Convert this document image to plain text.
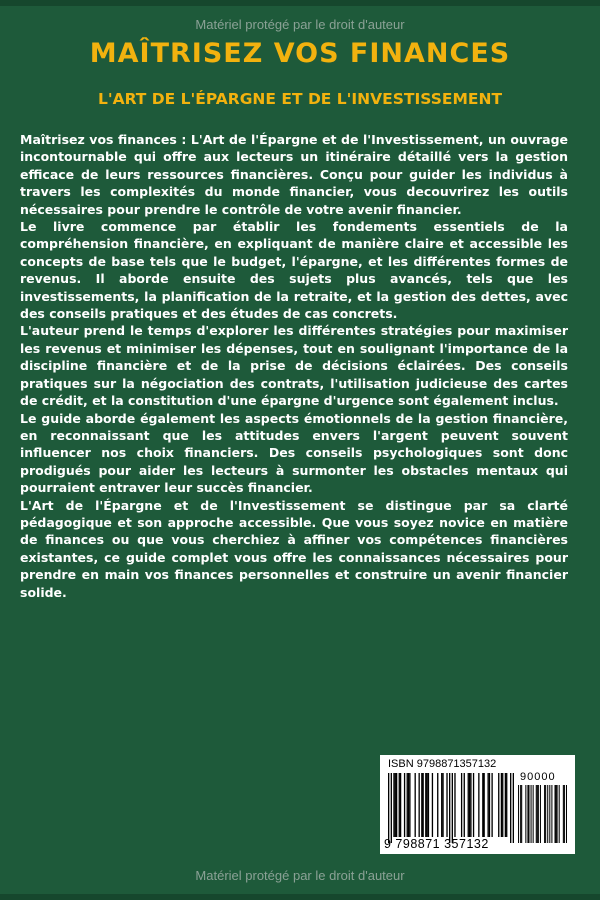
Matériel protégé par le droit d'auteur
MAÎTRISEZ VOS FINANCES
L'ART DE L'ÉPARGNE ET DE L'INVESTISSEMENT

Maîtrisez vos finances : L'Art de l'Épargne et de l'Investissement, un ouvrage incontournable qui offre aux lecteurs un itinéraire détaillé vers la gestion efficace de leurs ressources financières. Conçu pour guider les individus à travers les complexités du monde financier, vous decouvrirez les outils nécessaires pour prendre le contrôle de votre avenir financier.

Le livre commence par établir les fondements essentiels de la compréhension financière, en expliquant de manière claire et accessible les concepts de base tels que le budget, l'épargne, et les différentes formes de revenus. Il aborde ensuite des sujets plus avancés, tels que les investissements, la planification de la retraite, et la gestion des dettes, avec des conseils pratiques et des études de cas concrets.

L'auteur prend le temps d'explorer les différentes stratégies pour maximiser les revenus et minimiser les dépenses, tout en soulignant l'importance de la discipline financière et de la prise de décisions éclairées. Des conseils pratiques sur la négociation des contrats, l'utilisation judicieuse des cartes de crédit, et la constitution d'une épargne d'urgence sont également inclus.

Le guide aborde également les aspects émotionnels de la gestion financière, en reconnaissant que les attitudes envers l'argent peuvent souvent influencer nos choix financiers. Des conseils psychologiques sont donc prodigués pour aider les lecteurs à surmonter les obstacles mentaux qui pourraient entraver leur succès financier.

L'Art de l'Épargne et de l'Investissement se distingue par sa clarté pédagogique et son approche accessible. Que vous soyez novice en matière de finances ou que vous cherchiez à affiner vos compétences financières existantes, ce guide complet vous offre les connaissances nécessaires pour prendre en main vos finances personnelles et construire un avenir financier solide.

ISBN 9798871357132
90000
9 798871 357132
Matériel protégé par le droit d'auteur
